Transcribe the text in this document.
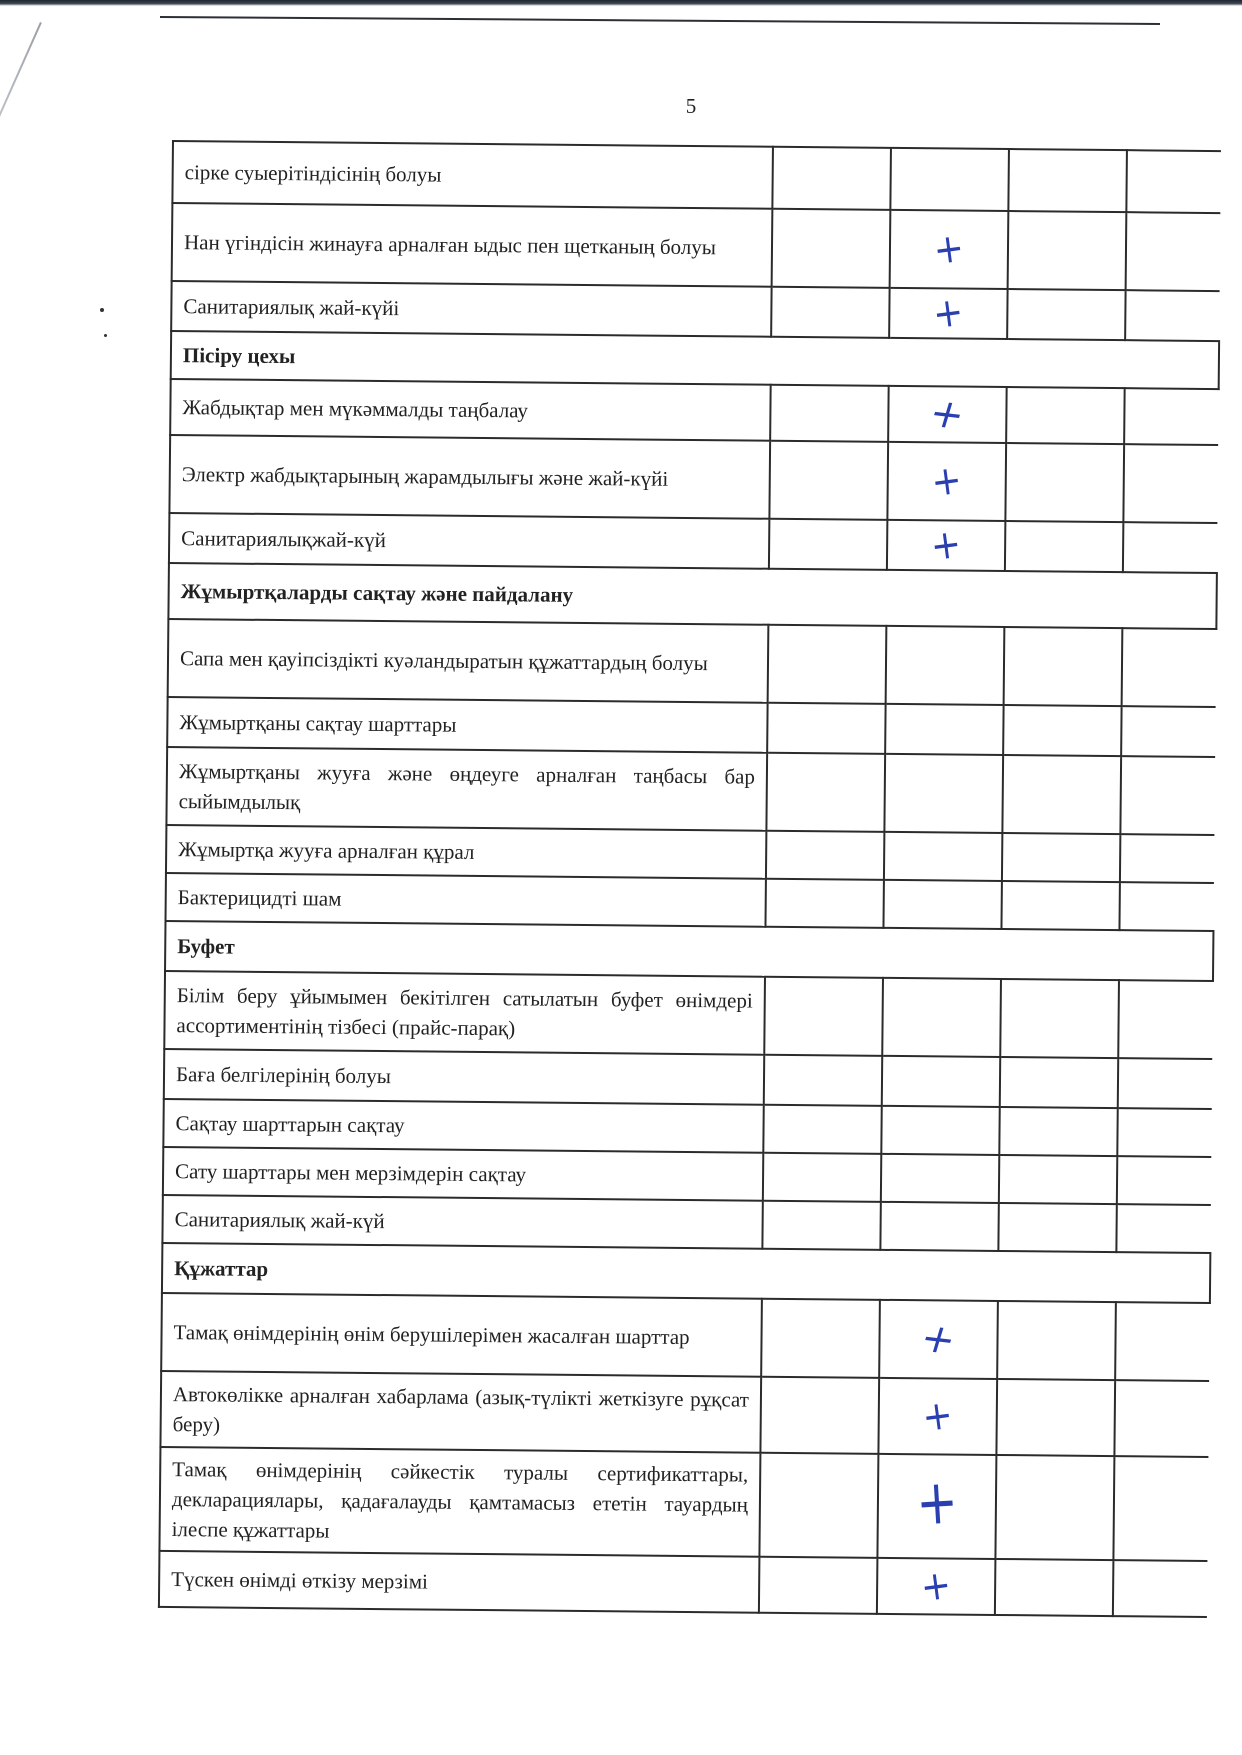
5
сірке суыерітіндісінің болуы				
Нан үгіндісін жинауға арналған ыдыс пен щетканың болуы		+		
Санитариялық жай-күйі		+		
Пісіру цехы				
Жабдықтар мен мүкәммалды таңбалау		+		
Электр жабдықтарының жарамдылығы және жай-күйі		+		
Санитариялықжай-күй		+		
Жұмыртқаларды сақтау және пайдалану				
Сапа мен қауіпсіздікті куәландыратын құжаттардың болуы				
Жұмыртқаны сақтау шарттары				
Жұмыртқаны жууға және өңдеуге арналған таңбасы бар сыйымдылық				
Жұмыртқа жууға арналған құрал				
Бактерицидті шам				
Буфет				
Білім беру ұйымымен бекітілген сатылатын буфет өнімдері ассортиментінің тізбесі (прайс-парақ)				
Баға белгілерінің болуы				
Сақтау шарттарын сақтау				
Сату шарттары мен мерзімдерін сақтау				
Санитариялық жай-күй				
Құжаттар				
Тамақ өнімдерінің өнім берушілерімен жасалған шарттар		+		
Автокөлікке арналған хабарлама (азық-түлікті жеткізуге рұқсат беру)		+		
Тамақ өнімдерінің сәйкестік туралы сертификаттары, декларациялары, қадағалауды қамтамасыз ететін тауардың ілеспе құжаттары		+		
Түскен өнімді өткізу мерзімі		+		
